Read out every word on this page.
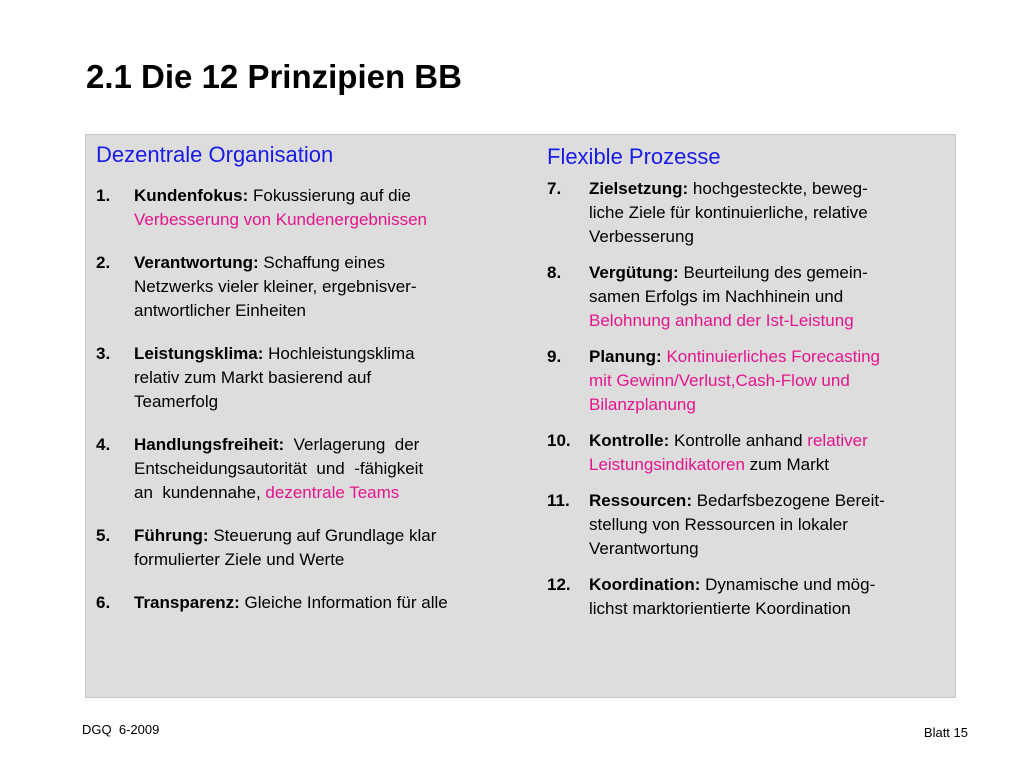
2.1 Die 12 Prinzipien BB
Dezentrale Organisation
1.	Kundenfokus: Fokussierung auf die
Verbesserung von Kundenergebnissen
2.	Verantwortung: Schaffung eines
Netzwerks vieler kleiner, ergebnisver-
antwortlicher Einheiten
3.	Leistungsklima: Hochleistungsklima
relativ zum Markt basierend auf
Teamerfolg
4.	Handlungsfreiheit:  Verlagerung  der
Entscheidungsautorität  und  -fähigkeit
an  kundennahe, dezentrale Teams
5.	Führung: Steuerung auf Grundlage klar
formulierter Ziele und Werte
6.	Transparenz: Gleiche Information für alle
Flexible Prozesse
7.	Zielsetzung: hochgesteckte, beweg-
liche Ziele für kontinuierliche, relative
Verbesserung
8.	Vergütung: Beurteilung des gemein-
samen Erfolgs im Nachhinein und
Belohnung anhand der Ist-Leistung
9.	Planung: Kontinuierliches Forecasting
mit Gewinn/Verlust,Cash-Flow und
Bilanzplanung
10.	Kontrolle: Kontrolle anhand relativer
Leistungsindikatoren zum Markt
11.	Ressourcen: Bedarfsbezogene Bereit-
stellung von Ressourcen in lokaler
Verantwortung
12.	Koordination: Dynamische und mög-
lichst marktorientierte Koordination
DGQ  6-2009	Blatt 15
